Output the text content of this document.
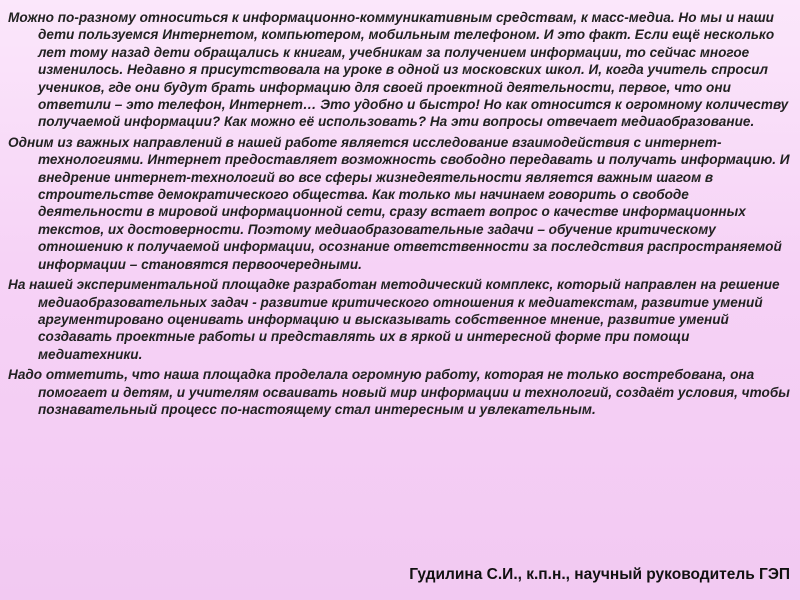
Можно по-разному относиться к информационно-коммуникативным средствам, к масс-медиа. Но мы и наши дети пользуемся Интернетом, компьютером, мобильным телефоном. И это факт. Если ещё несколько лет тому назад дети обращались к книгам, учебникам за получением информации, то сейчас многое изменилось. Недавно я присутствовала на уроке в одной из московских школ. И, когда учитель спросил учеников, где они будут брать информацию для своей проектной деятельности, первое, что они ответили – это телефон, Интернет… Это удобно и быстро! Но как относится к огромному количеству получаемой информации? Как можно её использовать? На эти вопросы отвечает медиаобразование.

Одним из важных направлений в нашей работе является исследование взаимодействия с интернет-технологиями. Интернет предоставляет возможность свободно передавать и получать информацию. И внедрение интернет-технологий во все сферы жизнедеятельности является важным шагом в строительстве демократического общества. Как только мы начинаем говорить о свободе деятельности в мировой информационной сети, сразу встает вопрос о качестве информационных текстов, их достоверности. Поэтому медиаобразовательные задачи – обучение критическому отношению к получаемой информации, осознание ответственности за последствия распространяемой информации – становятся первоочередными.

На нашей экспериментальной площадке разработан методический комплекс, который направлен на решение медиаобразовательных задач - развитие критического отношения к медиатекстам, развитие умений аргументировано оценивать информацию и высказывать собственное мнение, развитие умений создавать проектные работы и представлять их в яркой и интересной форме при помощи медиатехники.

Надо отметить, что наша площадка проделала огромную работу, которая не только востребована, она помогает и детям, и учителям осваивать новый мир информации и технологий, создаёт условия, чтобы познавательный процесс по-настоящему стал интересным и увлекательным.

Гудилина С.И., к.п.н., научный руководитель ГЭП
